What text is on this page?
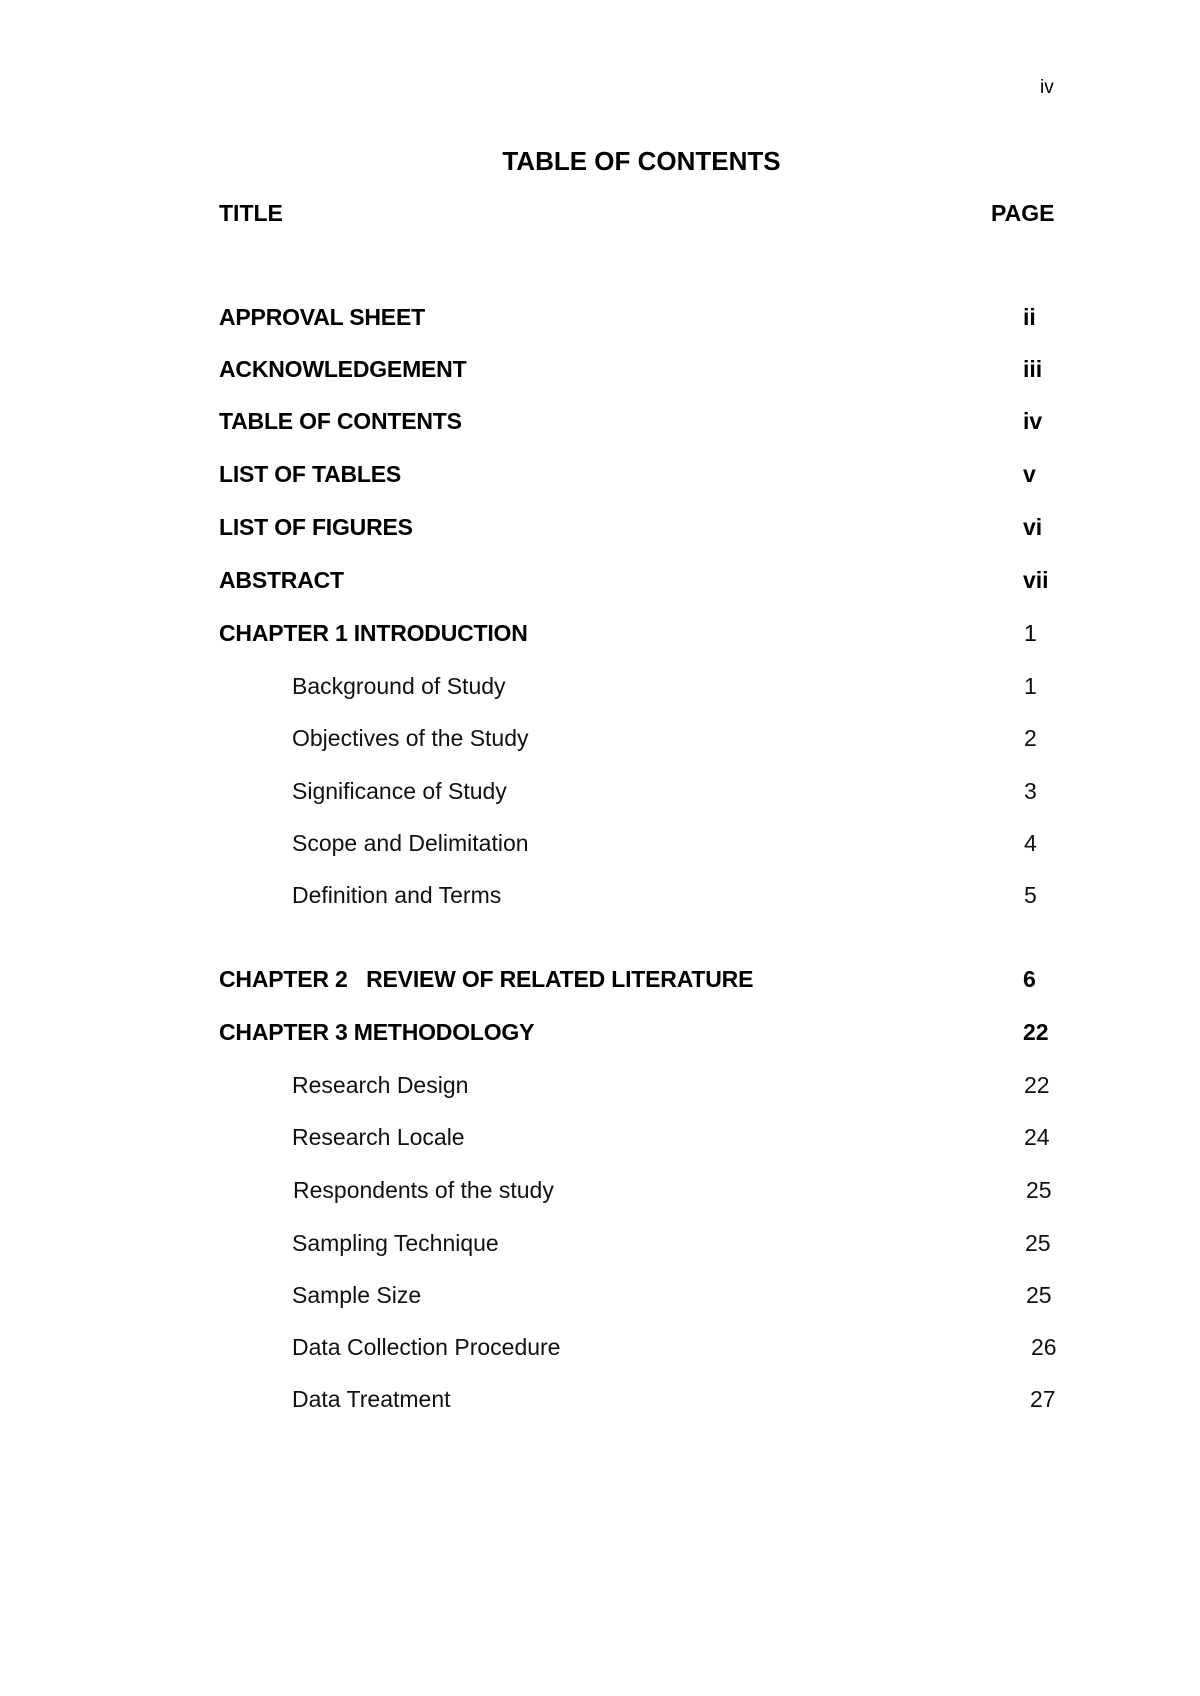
iv
TABLE OF CONTENTS
TITLE	PAGE
APPROVAL SHEET	ii
ACKNOWLEDGEMENT	iii
TABLE OF CONTENTS	iv
LIST OF TABLES	v
LIST OF FIGURES	vi
ABSTRACT	vii
CHAPTER 1 INTRODUCTION	1
Background of Study	1
Objectives of the Study	2
Significance of Study	3
Scope and Delimitation	4
Definition and Terms	5
CHAPTER 2   REVIEW OF RELATED LITERATURE	6
CHAPTER 3 METHODOLOGY	22
Research Design	22
Research Locale	24
Respondents of the study	25
Sampling Technique	25
Sample Size	25
Data Collection Procedure	26
Data Treatment	27
